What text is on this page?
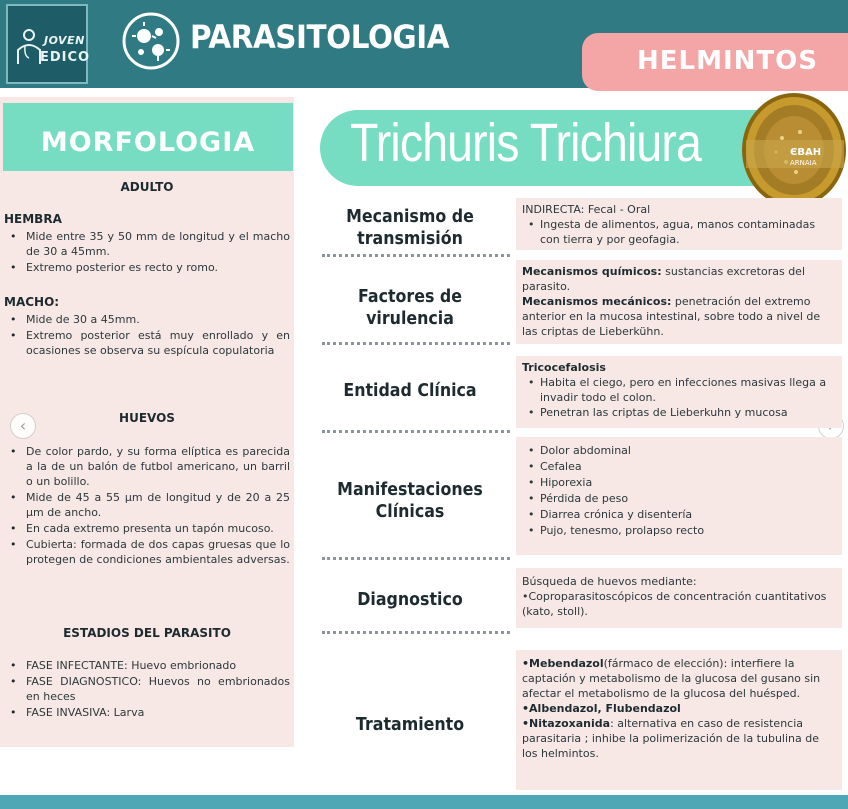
JOVEN
EDICO
PARASITOLOGIA
HELMINTOS
MORFOLOGIA
ADULTO
HEMBRA
• Mide entre 35 y 50 mm de longitud y el macho de 30 a 45mm.
• Extremo posterior es recto y romo.
MACHO:
• Mide de 30 a 45mm.
• Extremo posterior está muy enrollado y en ocasiones se observa su espícula copulatoria
HUEVOS
• De color pardo, y su forma elíptica es parecida a la de un balón de futbol americano, un barril o un bolillo.
• Mide de 45 a 55 µm de longitud y de 20 a 25 µm de ancho.
• En cada extremo presenta un tapón mucoso.
• Cubierta: formada de dos capas gruesas que lo protegen de condiciones ambientales adversas.
ESTADIOS DEL PARASITO
• FASE INFECTANTE: Huevo embrionado
• FASE DIAGNOSTICO: Huevos no embrionados en heces
• FASE INVASIVA: Larva
‹
Trichuris Trichiura	ЄВАН
ARNAIA
Mecanismo de transmisión
INDIRECTA: Fecal - Oral
• Ingesta de alimentos, agua, manos contaminadas con tierra y por geofagia.
Factores de virulencia
Mecanismos químicos: sustancias excretoras del parasito.
Mecanismos mecánicos: penetración del extremo anterior en la mucosa intestinal, sobre todo a nivel de las criptas de Lieberkühn.
Entidad Clínica
Tricocefalosis
• Habita el ciego, pero en infecciones masivas llega a invadir todo el colon.
• Penetran las criptas de Lieberkuhn y mucosa
Manifestaciones Clínicas
• Dolor abdominal
• Cefalea
• Hiporexia
• Pérdida de peso
• Diarrea crónica y disentería
• Pujo, tenesmo, prolapso recto
Diagnostico
Búsqueda de huevos mediante:
•Coproparasitoscópicos de concentración cuantitativos (kato, stoll).
Tratamiento
•Mebendazol(fármaco de elección): interfiere la captación y metabolismo de la glucosa del gusano sin afectar el metabolismo de la glucosa del huésped.
•Albendazol, Flubendazol
•Nitazoxanida: alternativa en caso de resistencia parasitaria ; inhibe la polimerización de la tubulina de los helmintos.
